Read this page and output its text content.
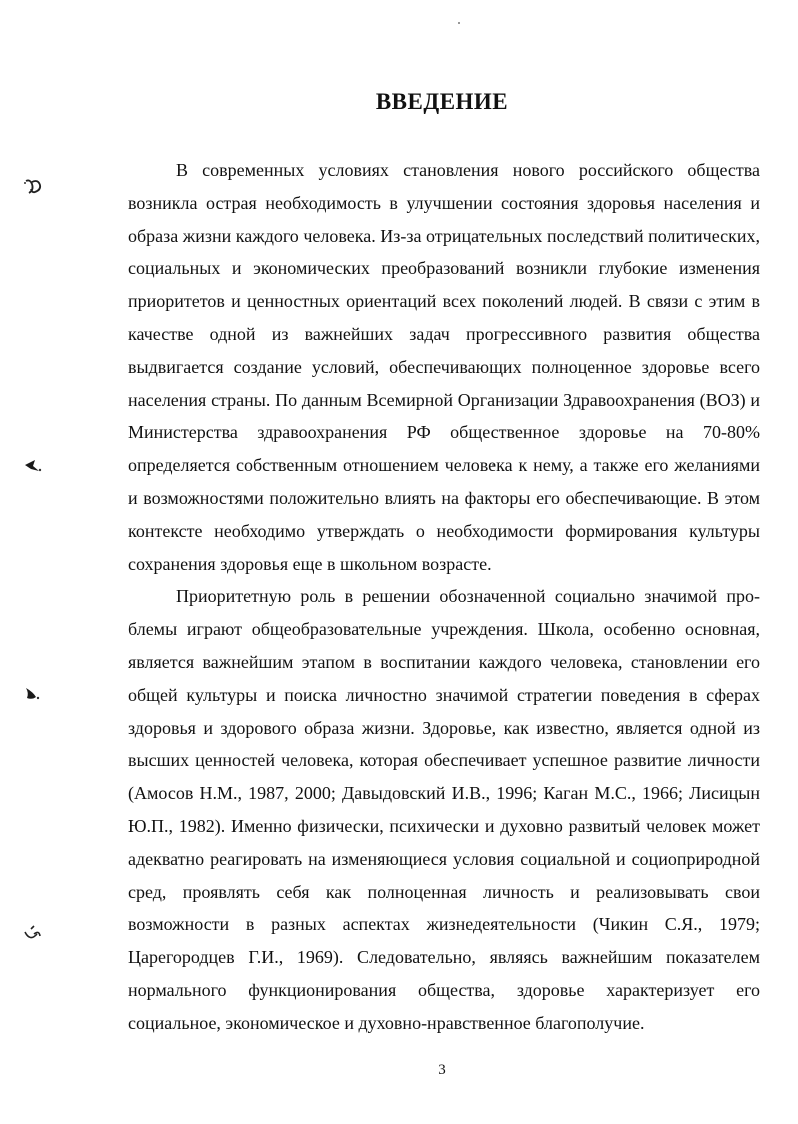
ВВЕДЕНИЕ

В современных условиях становления нового российского общества возникла острая необходимость в улучшении состояния здоровья населения и образа жизни каждого человека. Из-за отрицательных последствий политических, социальных и экономических преобразований возникли глубокие изменения приоритетов и ценностных ориентаций всех поколений людей. В связи с этим в качестве одной из важнейших задач прогрессивного развития общества выдвигается создание условий, обеспечивающих полноценное здоровье всего населения страны. По данным Всемирной Организации Здравоохранения (ВОЗ) и Министерства здравоохранения РФ общественное здоровье на 70-80% определяется собственным отношением человека к нему, а также его желаниями и возможностями положительно влиять на факторы его обеспечивающие. В этом контексте необходимо утверждать о необходимости формирования культуры сохранения здоровья еще в школьном возрасте.

Приоритетную роль в решении обозначенной социально значимой проблемы играют общеобразовательные учреждения. Школа, особенно основная, является важнейшим этапом в воспитании каждого человека, становлении его общей культуры и поиска личностно значимой стратегии поведения в сферах здоровья и здорового образа жизни. Здоровье, как известно, является одной из высших ценностей человека, которая обеспечивает успешное развитие личности (Амосов Н.М., 1987, 2000; Давыдовский И.В., 1996; Каган М.С., 1966; Лисицын Ю.П., 1982). Именно физически, психически и духовно развитый человек может адекватно реагировать на изменяющиеся условия социальной и социоприродной сред, проявлять себя как полноценная личность и реализовывать свои возможности в разных аспектах жизнедеятельности (Чикин С.Я., 1979; Царегородцев Г.И., 1969). Следовательно, являясь важнейшим показателем нормального функционирования общества, здоровье характеризует его социальное, экономическое и духовно-нравственное благополучие.

3
